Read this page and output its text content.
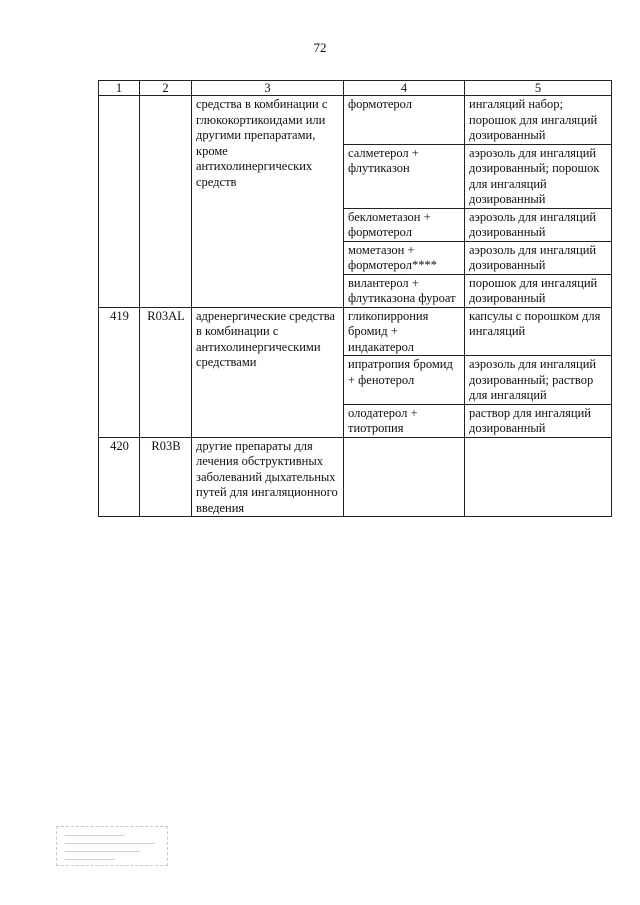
72
1	2	3	4	5
		средства в комбинации с глюкокортикоидами или другими препаратами, кроме антихолинергических средств	формотерол	ингаляций набор; порошок для ингаляций дозированный
			салметерол + флутиказон	аэрозоль для ингаляций дозированный; порошок для ингаляций дозированный
			беклометазон + формотерол	аэрозоль для ингаляций дозированный
			мометазон + формотерол****	аэрозоль для ингаляций дозированный
			вилантерол + флутиказона фуроат	порошок для ингаляций дозированный
419	R03AL	адренергические средства в комбинации с антихолинергическими средствами	гликопиррония бромид + индакатерол	капсулы с порошком для ингаляций
			ипратропия бромид + фенотерол	аэрозоль для ингаляций дозированный; раствор для ингаляций
			олодатерол + тиотропия	раствор для ингаляций дозированный
420	R03B	другие препараты для лечения обструктивных заболеваний дыхательных путей для ингаляционного введения		
